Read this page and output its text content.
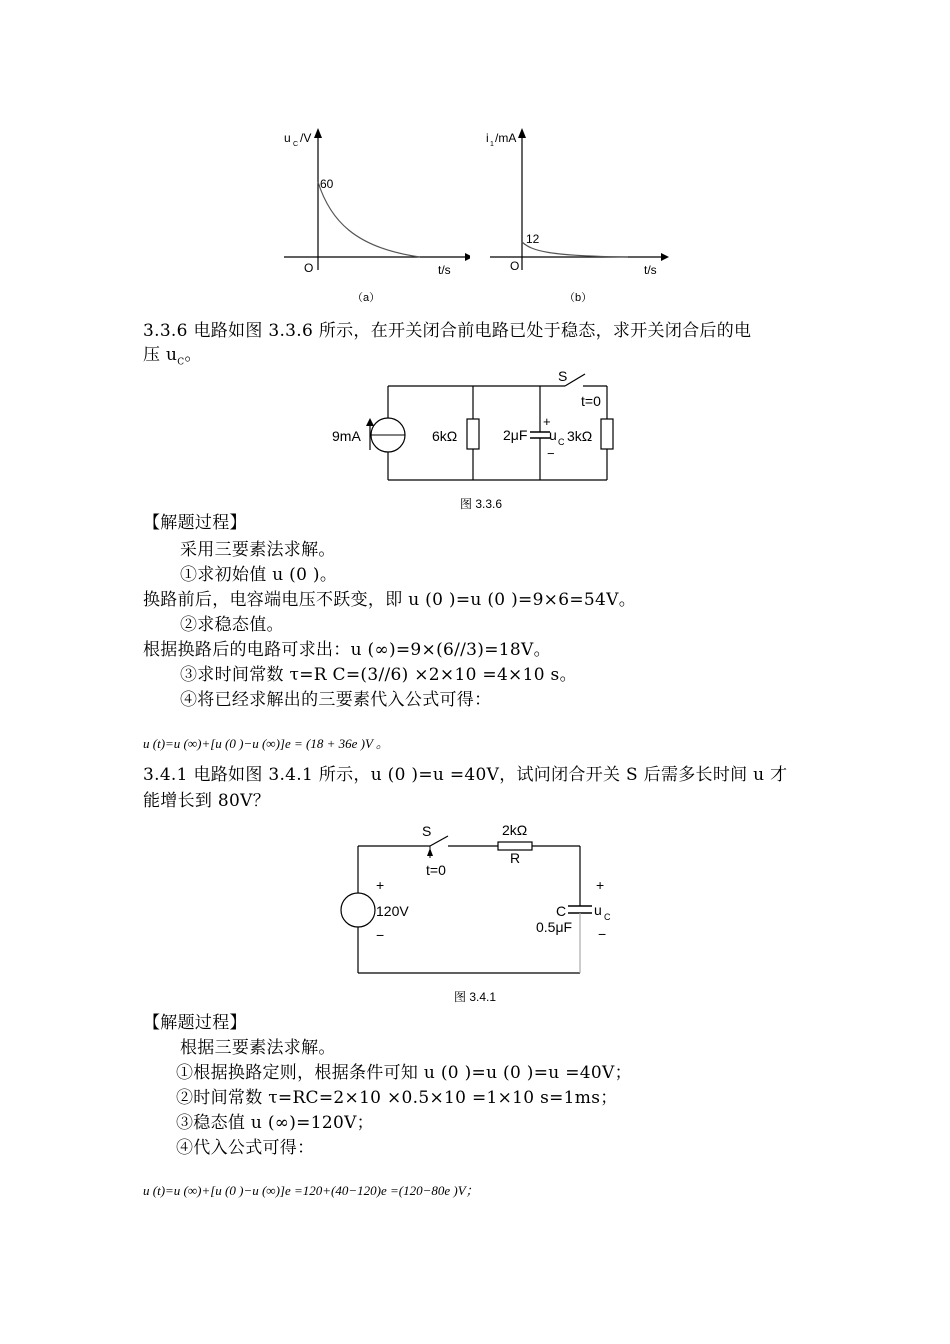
u C /V
60
O	t/s
（a）
i 1 /mA
12
O	t/s
（b）
3.3.6 电路如图 3.3.6 所示，在开关闭合前电路已处于稳态，求开关闭合后的电
压 $u_C$。
9mA	6kΩ	2μF
+
−
u C 3kΩ
S
t=0
图 3.3.6
【解题过程】
采用三要素法求解。
①求初始值 u (0 )。
换路前后，电容端电压不跃变，即 u (0 )=u (0 )=9×6=54V。
②求稳态值。
根据换路后的电路可求出：u (∞)=9×(6//3)=18V。
③求时间常数 τ=R C=(3//6) ×2×10 =4×10 s。
④将已经求解出的三要素代入公式可得：
u (t)=u (∞)+[u (0 )−u (∞)]e = (18 + 36e )V 。
3.4.1 电路如图 3.4.1 所示，u (0 )=u =40V，试问闭合开关 S 后需多长时间 u 才
能增长到 80V？
S
t=0
2kΩ
R
+
120V
−
C
0.5μF
+
u C
−
图 3.4.1
【解题过程】
根据三要素法求解。
①根据换路定则，根据条件可知 u (0 )=u (0 )=u =40V；
②时间常数 τ=RC=2×10 ×0.5×10 =1×10 s=1ms；
③稳态值 u (∞)=120V；
④代入公式可得：
u (t)=u (∞)+[u (0 )−u (∞)]e =120+(40−120)e =(120−80e )V；
